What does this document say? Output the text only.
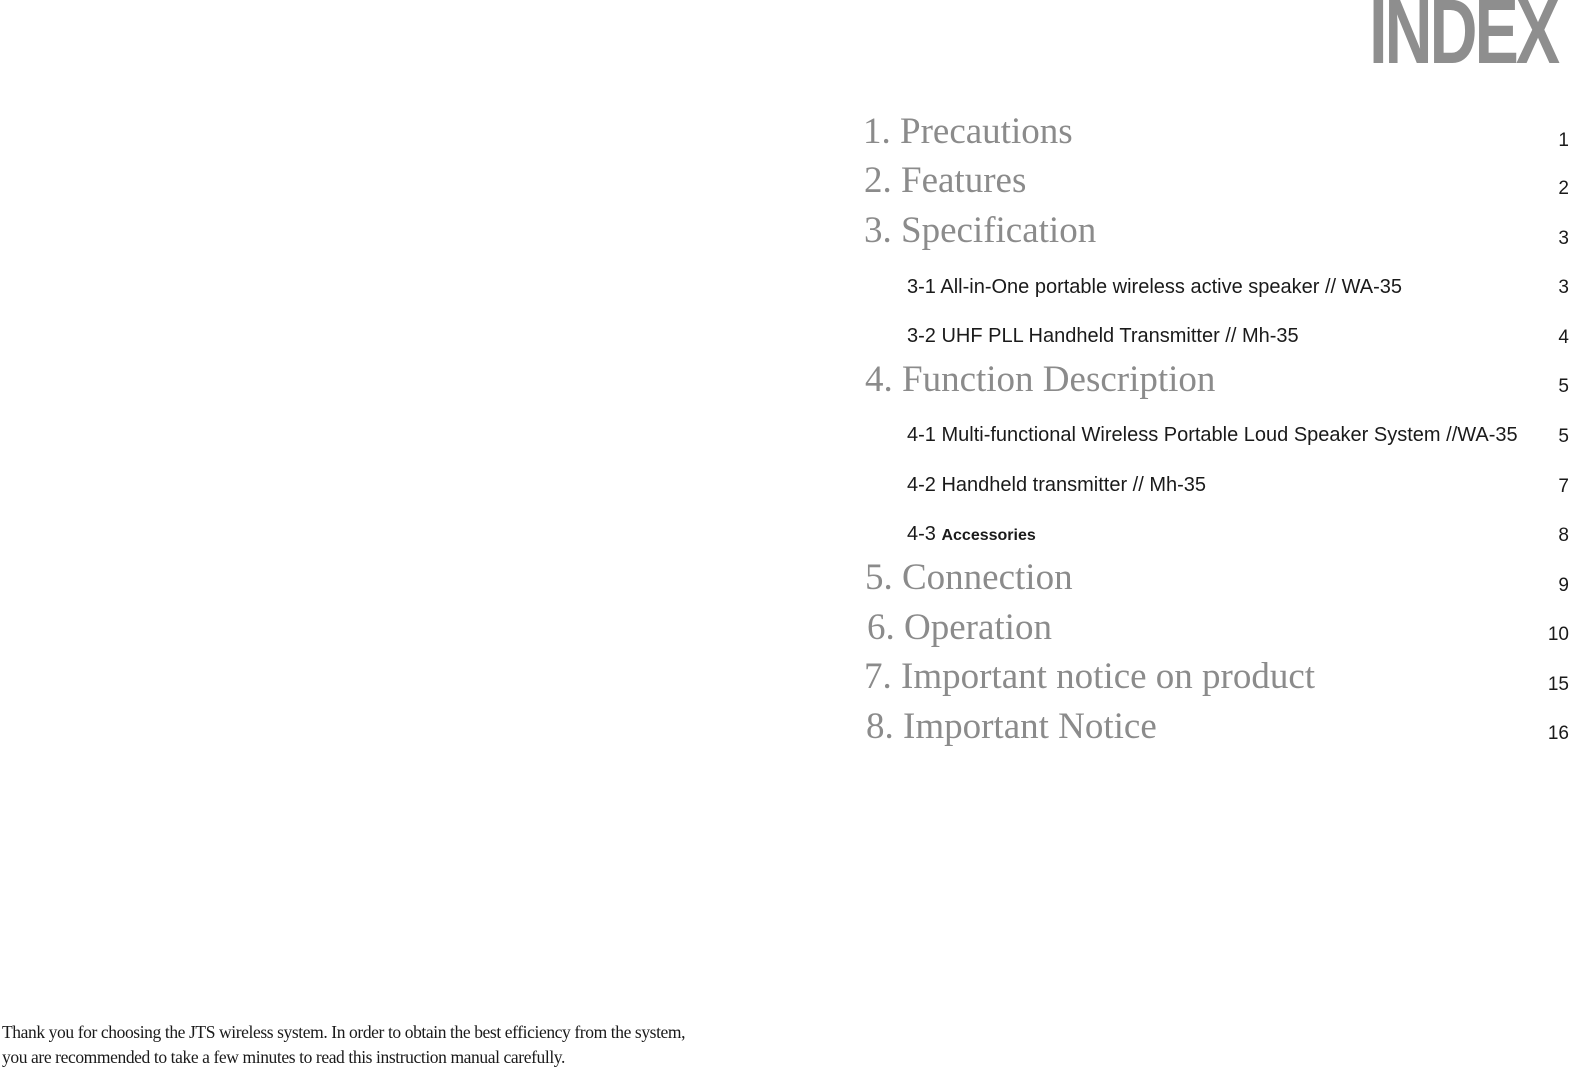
INDEX
1. Precautions	1
2. Features	2
3. Specification	3
3-1 All-in-One portable wireless active speaker // WA-35	3
3-2 UHF PLL Handheld Transmitter // Mh-35	4
4. Function Description	5
4-1 Multi-functional Wireless Portable Loud Speaker System //WA-35 5
4-2 Handheld transmitter // Mh-35	7
4-3 Accessories	8
5. Connection	9
6. Operation	10
7. Important notice on product	15
8. Important Notice	16
Thank you for choosing the JTS wireless system. In order to obtain the best efficiency from the system,
you are recommended to take a few minutes to read this instruction manual carefully.
